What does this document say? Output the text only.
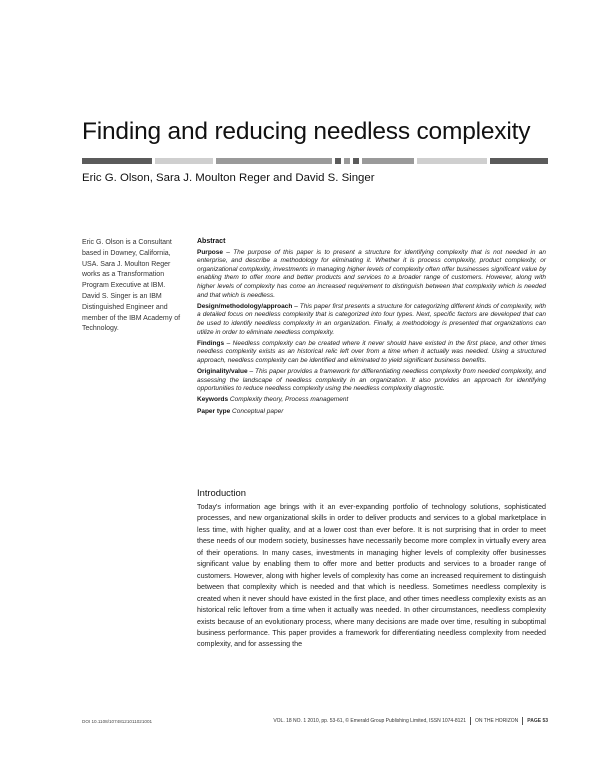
Finding and reducing needless complexity
Eric G. Olson, Sara J. Moulton Reger and David S. Singer
Eric G. Olson is a Consultant based in Downey, California, USA. Sara J. Moulton Reger works as a Transformation Program Executive at IBM. David S. Singer is an IBM Distinguished Engineer and member of the IBM Academy of Technology.
Abstract

Purpose – The purpose of this paper is to present a structure for identifying complexity that is not needed in an enterprise, and describe a methodology for eliminating it. Whether it is process complexity, product complexity, or organizational complexity, investments in managing higher levels of complexity often offer businesses significant value by enabling them to offer more and better products and services to a broader range of customers. However, along with higher levels of complexity has come an increased requirement to distinguish between that complexity which is needed and that which is needless.

Design/methodology/approach – This paper first presents a structure for categorizing different kinds of complexity, with a detailed focus on needless complexity that is categorized into four types. Next, specific factors are developed that can be used to identify needless complexity in an organization. Finally, a methodology is presented that organizations can utilize in order to eliminate needless complexity.

Findings – Needless complexity can be created where it never should have existed in the first place, and other times needless complexity exists as an historical relic left over from a time when it actually was needed. Using a structured approach, needless complexity can be identified and eliminated to yield significant business benefits.

Originality/value – This paper provides a framework for differentiating needless complexity from needed complexity, and assessing the landscape of needless complexity in an organization. It also provides an approach for identifying opportunities to reduce needless complexity using the needless complexity diagnostic.

Keywords Complexity theory, Process management

Paper type Conceptual paper

Introduction

Today's information age brings with it an ever-expanding portfolio of technology solutions, sophisticated processes, and new organizational skills in order to deliver products and services to a global marketplace in less time, with higher quality, and at a lower cost than ever before. It is not surprising that in order to meet these needs of our modern society, businesses have necessarily become more complex in virtually every area of their operations. In many cases, investments in managing higher levels of complexity offer businesses significant value by enabling them to offer more and better products and services to a broader range of customers. However, along with higher levels of complexity has come an increased requirement to distinguish between that complexity which is needed and that which is needless. Sometimes needless complexity is created when it never should have existed in the first place, and other times needless complexity exists as an historical relic leftover from a time when it actually was needed. In other circumstances, needless complexity exists because of an evolutionary process, where many decisions are made over time, resulting in suboptimal business performance. This paper provides a framework for differentiating needless complexity from needed complexity, and for assessing the

DOI 10.1108/10748121011021001	VOL. 18 NO. 1 2010, pp. 53-61, © Emerald Group Publishing Limited, ISSN 1074-8121 ON THE HORIZON PAGE 53
